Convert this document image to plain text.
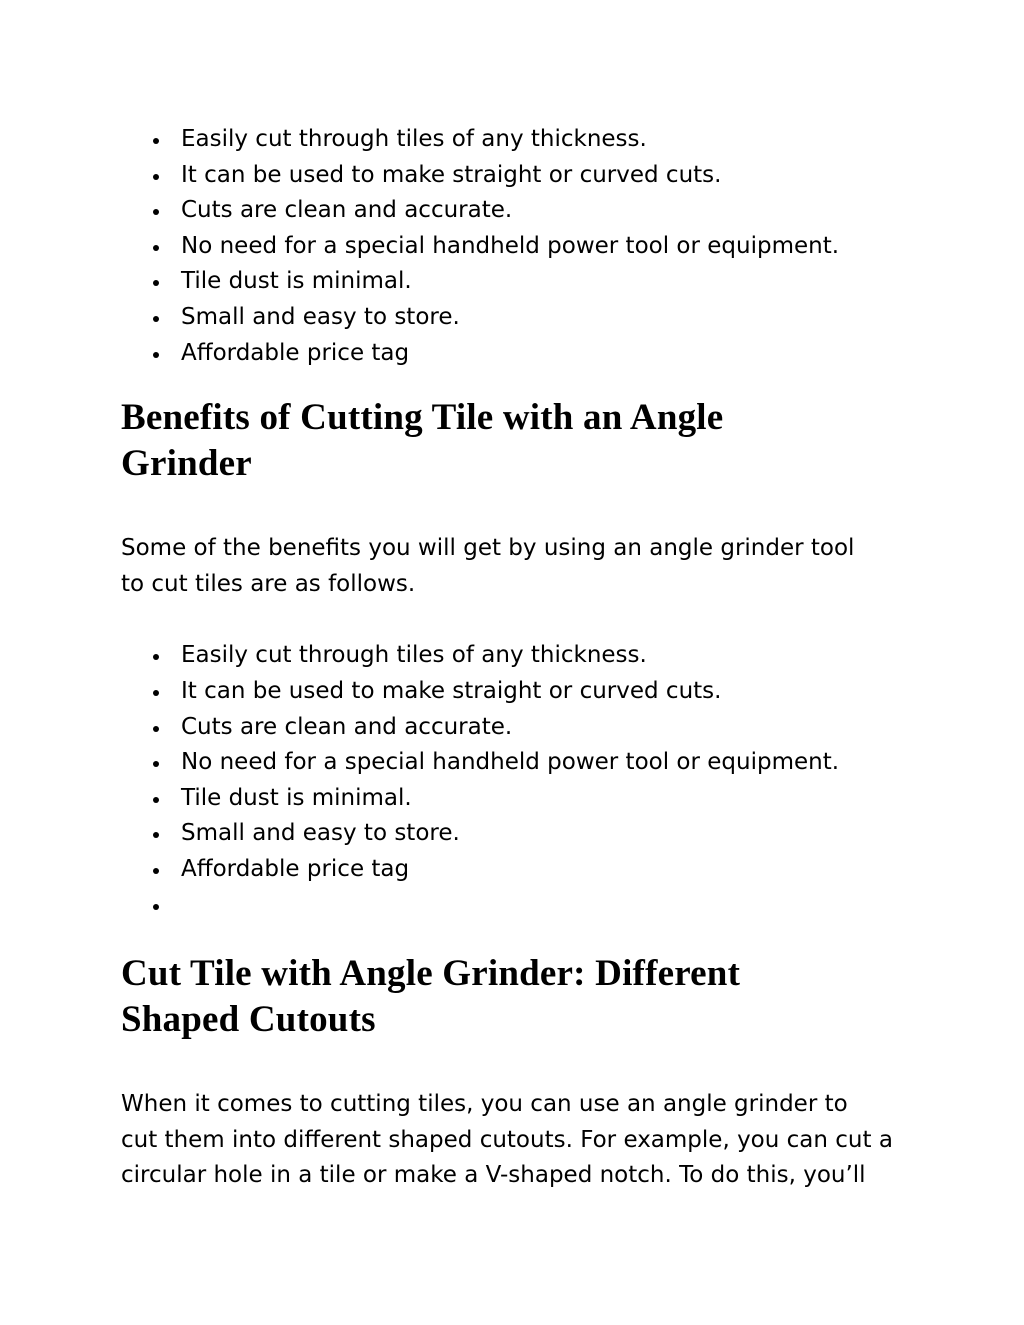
Easily cut through tiles of any thickness.
It can be used to make straight or curved cuts.
Cuts are clean and accurate.
No need for a special handheld power tool or equipment.
Tile dust is minimal.
Small and easy to store.
Affordable price tag
Benefits of Cutting Tile with an Angle
Grinder

Some of the benefits you will get by using an angle grinder tool
to cut tiles are as follows.

Easily cut through tiles of any thickness.
It can be used to make straight or curved cuts.
Cuts are clean and accurate.
No need for a special handheld power tool or equipment.
Tile dust is minimal.
Small and easy to store.
Affordable price tag
Cut Tile with Angle Grinder: Different
Shaped Cutouts

When it comes to cutting tiles, you can use an angle grinder to
cut them into different shaped cutouts. For example, you can cut a
circular hole in a tile or make a V-shaped notch. To do this, you’ll
